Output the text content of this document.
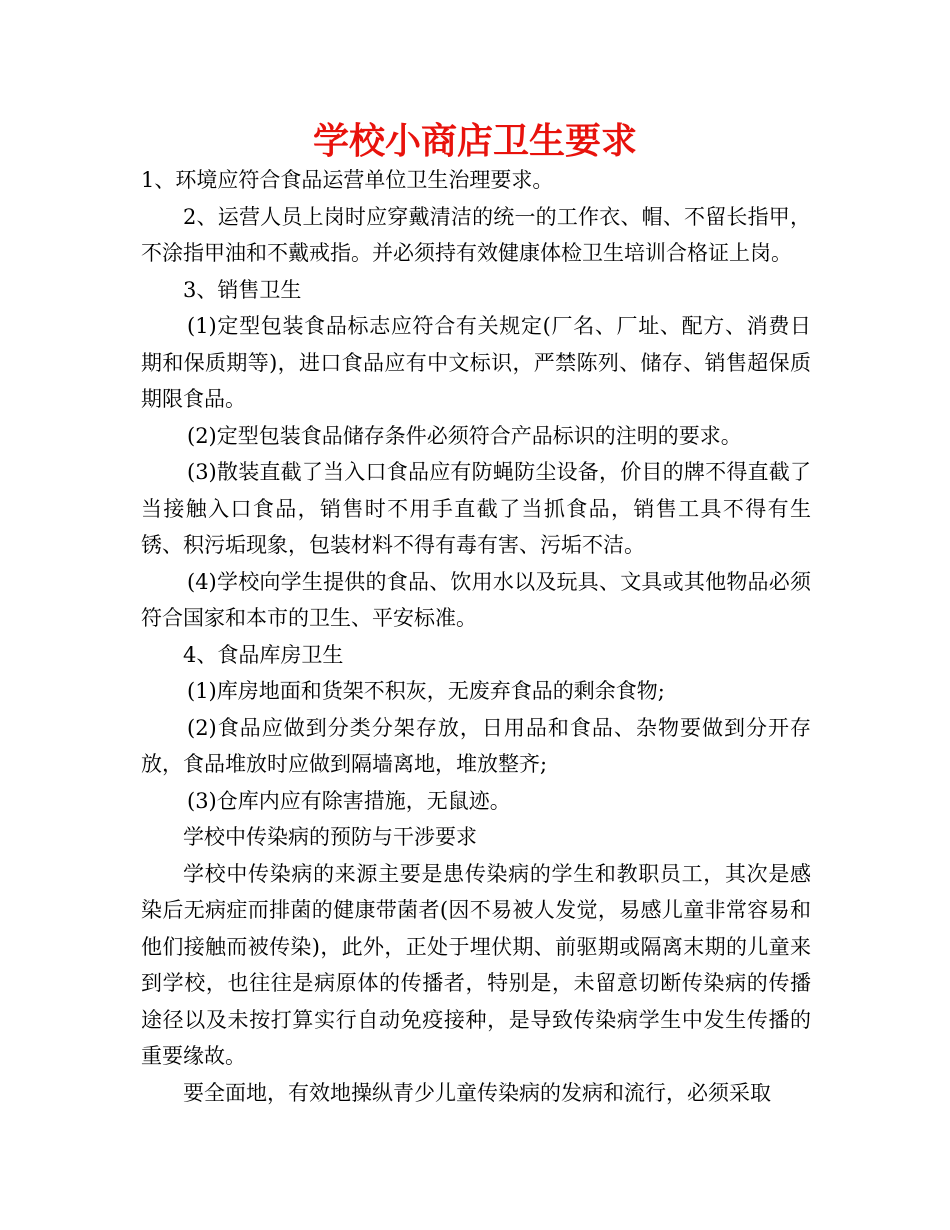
学校小商店卫生要求

1、环境应符合食品运营单位卫生治理要求。

2、运营人员上岗时应穿戴清洁的统一的工作衣、帽、不留长指甲，不涂指甲油和不戴戒指。并必须持有效健康体检卫生培训合格证上岗。

3、销售卫生

(1)定型包装食品标志应符合有关规定(厂名、厂址、配方、消费日期和保质期等)，进口食品应有中文标识，严禁陈列、储存、销售超保质期限食品。

(2)定型包装食品储存条件必须符合产品标识的注明的要求。

(3)散装直截了当入口食品应有防蝇防尘设备，价目的牌不得直截了当接触入口食品，销售时不用手直截了当抓食品，销售工具不得有生锈、积污垢现象，包装材料不得有毒有害、污垢不洁。

(4)学校向学生提供的食品、饮用水以及玩具、文具或其他物品必须符合国家和本市的卫生、平安标准。

4、食品库房卫生

(1)库房地面和货架不积灰，无废弃食品的剩余食物;

(2)食品应做到分类分架存放，日用品和食品、杂物要做到分开存放，食品堆放时应做到隔墙离地，堆放整齐;

(3)仓库内应有除害措施，无鼠迹。

学校中传染病的预防与干涉要求

学校中传染病的来源主要是患传染病的学生和教职员工，其次是感染后无病症而排菌的健康带菌者(因不易被人发觉，易感儿童非常容易和他们接触而被传染)，此外，正处于埋伏期、前驱期或隔离末期的儿童来到学校，也往往是病原体的传播者，特别是，未留意切断传染病的传播途径以及未按打算实行自动免疫接种，是导致传染病学生中发生传播的重要缘故。

要全面地，有效地操纵青少儿童传染病的发病和流行，必须采取
